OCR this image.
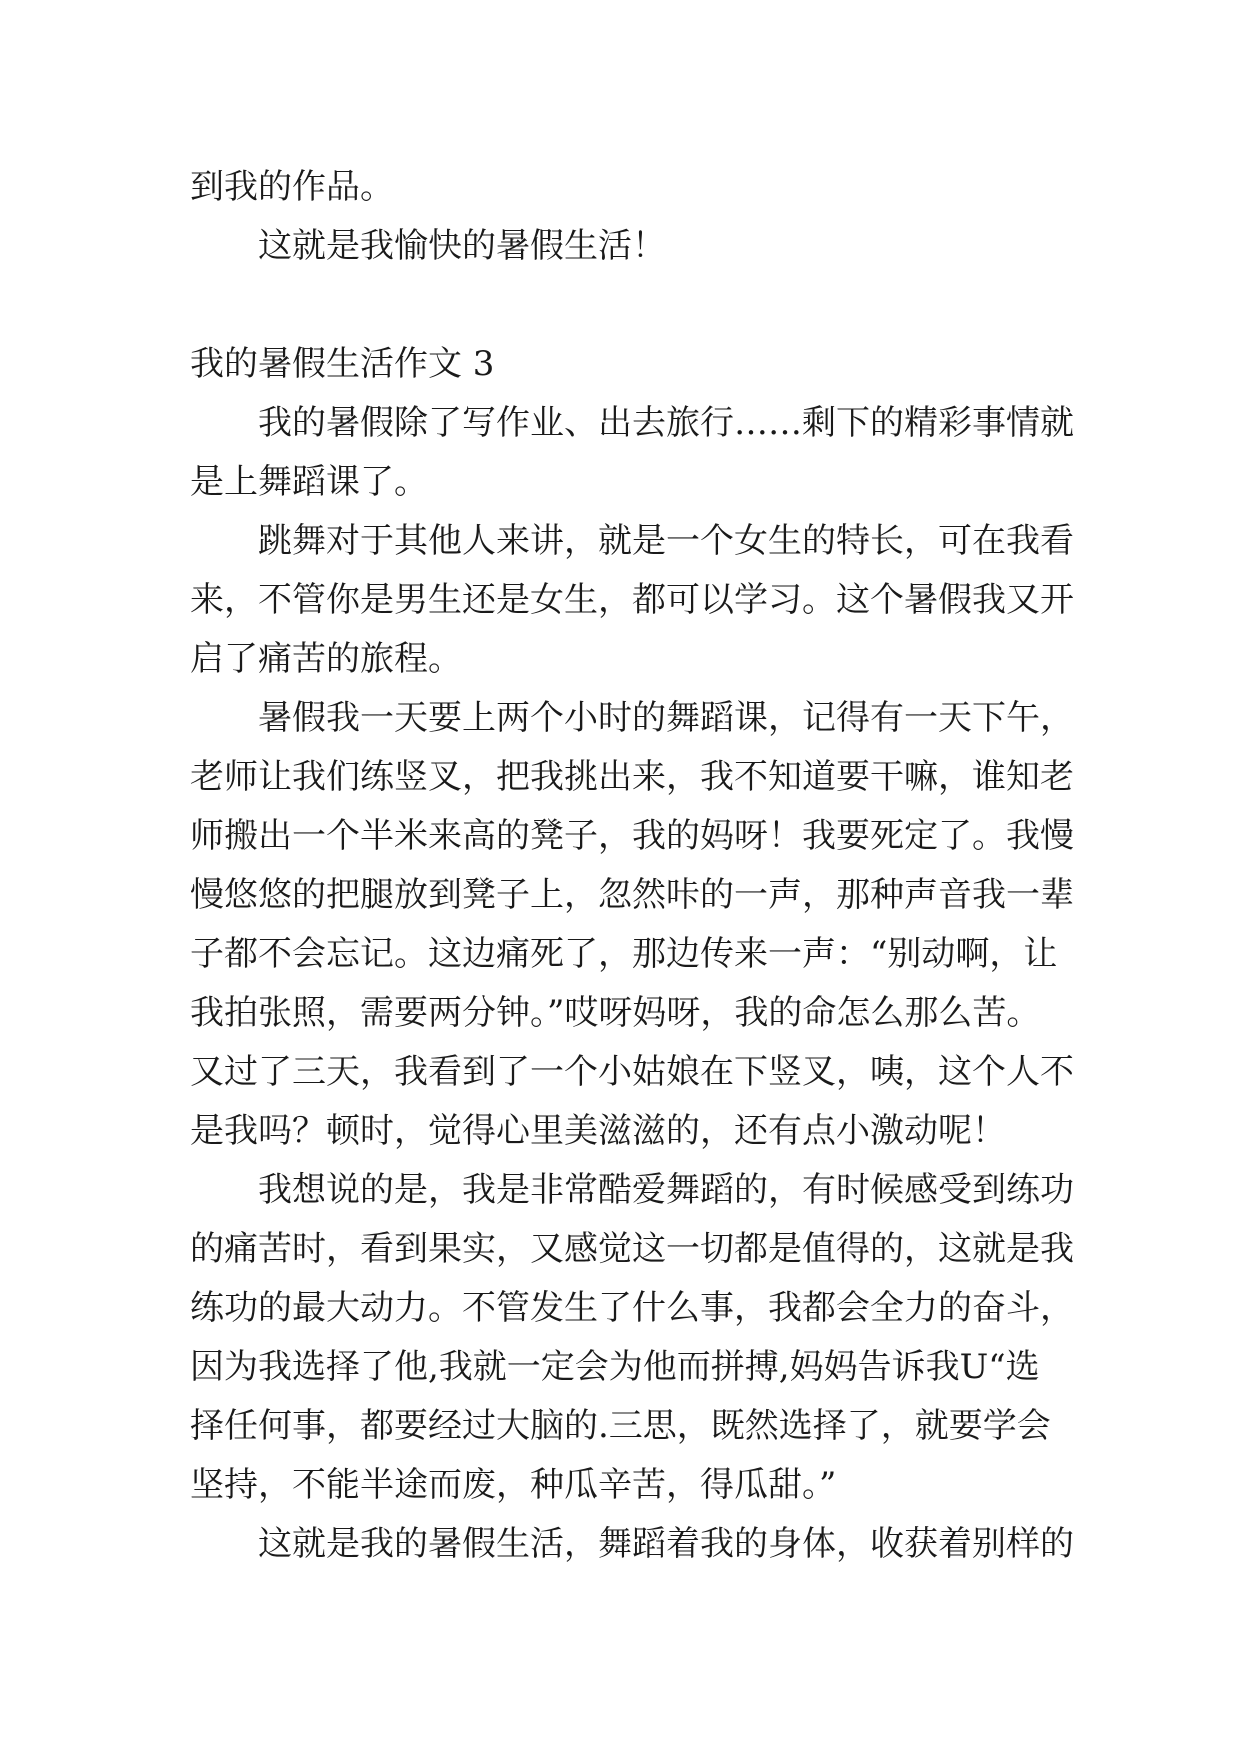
到我的作品。
这就是我愉快的暑假生活！
我的暑假生活作文 3
我的暑假除了写作业、出去旅行……剩下的精彩事情就
是上舞蹈课了。
跳舞对于其他人来讲，就是一个女生的特长，可在我看
来，不管你是男生还是女生，都可以学习。这个暑假我又开
启了痛苦的旅程。
暑假我一天要上两个小时的舞蹈课，记得有一天下午，
老师让我们练竖叉，把我挑出来，我不知道要干嘛，谁知老
师搬出一个半米来高的凳子，我的妈呀！我要死定了。我慢
慢悠悠的把腿放到凳子上，忽然咔的一声，那种声音我一辈
子都不会忘记。这边痛死了，那边传来一声：“别动啊，让
我拍张照，需要两分钟。”哎呀妈呀，我的命怎么那么苦。
又过了三天，我看到了一个小姑娘在下竖叉，咦，这个人不
是我吗？顿时，觉得心里美滋滋的，还有点小激动呢！
我想说的是，我是非常酷爱舞蹈的，有时候感受到练功
的痛苦时，看到果实，又感觉这一切都是值得的，这就是我
练功的最大动力。不管发生了什么事，我都会全力的奋斗，
因为我选择了他,我就一定会为他而拼搏,妈妈告诉我U“选
择任何事，都要经过大脑的.三思，既然选择了，就要学会
坚持，不能半途而废，种瓜辛苦，得瓜甜。”
这就是我的暑假生活，舞蹈着我的身体，收获着别样的
